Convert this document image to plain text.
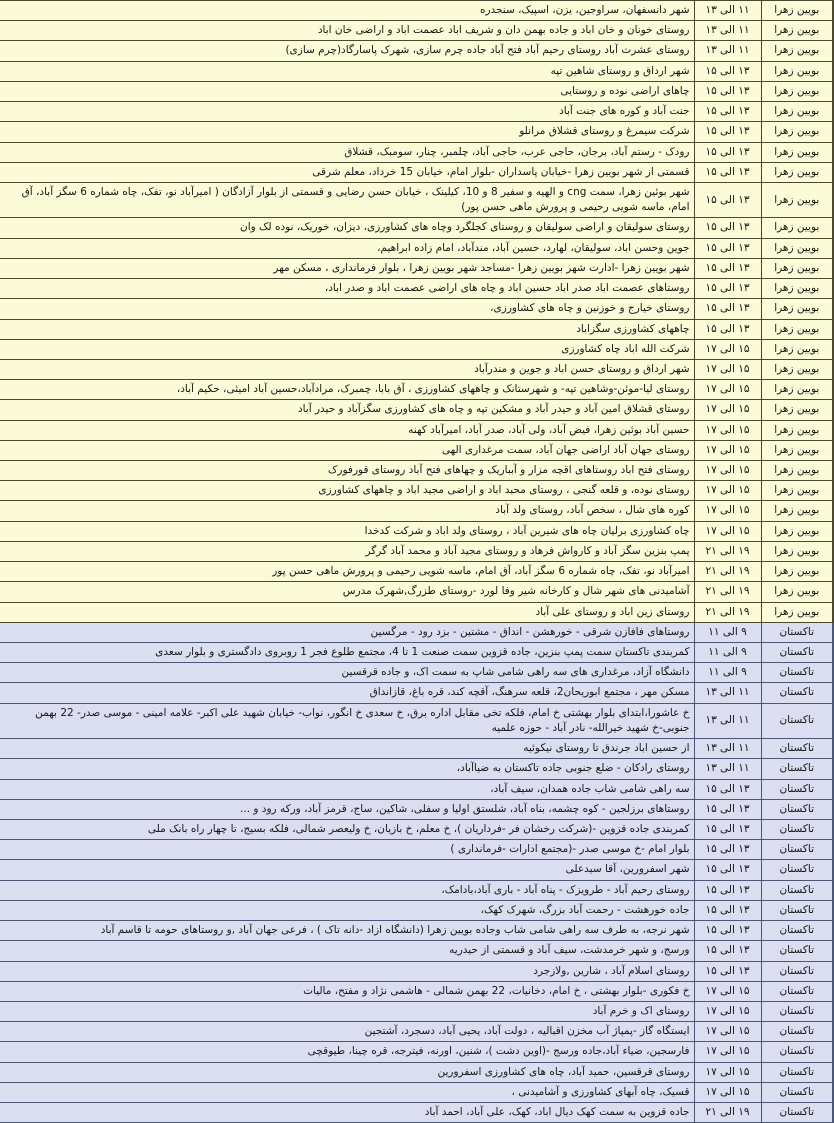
بویین زهرا	۱۱ الی ۱۳	شهر دانسفهان، سراوجین، یزن، اسپیک، سنجدره
بویین زهرا	۱۱ الی ۱۳	روستای خونان و خان اباد و جاده بهمن دان و شریف اباد عصمت اباد و اراضی خان اباد
بویین زهرا	۱۱ الی ۱۳	روستای عشرت آباد روستای رحیم آباد فتح آباد جاده چرم سازی، شهرک پاسارگاد(چرم سازی)
بویین زهرا	۱۳ الی ۱۵	شهر ارداق و روستای شاهین تپه
بویین زهرا	۱۳ الی ۱۵	چاهای اراضی نوده و روستایی
بویین زهرا	۱۳ الی ۱۵	جنت آباد و کوره های جنت آباد
بویین زهرا	۱۳ الی ۱۵	شرکت سیمرغ و روستای قشلاق مرانلو
بویین زهرا	۱۳ الی ۱۵	رودک - رستم آباد، برجان، حاجی عرب، حاجی آباد، چلمبر، چنار، سومبک، قشلاق
بویین زهرا	۱۳ الی ۱۵	قسمتی از شهر بویین زهرا -خیابان پاسداران -بلوار امام، خیابان 15 خرداد، معلم شرقی
بویین زهرا	۱۳ الی ۱۵	شهر بوئین زهرا، سمت cng و الهیه و سفیر 8 و 10، کیلینک ، خیابان حسن رضایی و قسمتی از بلوار آزادگان ( امیرآباد نو، تفک، چاه شماره 6 سگز آباد، آق امام، ماسه شویی رحیمی و پرورش ماهی حسن پور)
بویین زهرا	۱۳ الی ۱۵	روستای سولیقان و اراضی سولیقان و روستای کجلگرد وچاه های کشاورزی، دیزان، خوریک، نوده لک وان
بویین زهرا	۱۳ الی ۱۵	جوین وحسن اباد، سولیقان، لهارد، حسین آباد، مندآباد، امام زاده ابراهیم،
بویین زهرا	۱۳ الی ۱۵	شهر بویین زهرا -ادارت شهر بویین زهرا -مساجد شهر بویین زهرا ، بلوار فرمانداری ، مسکن مهر
بویین زهرا	۱۳ الی ۱۵	روستاهای عصمت اباد صدر اباد حسین اباد و چاه های اراضی عصمت اباد و صدر اباد،
بویین زهرا	۱۳ الی ۱۵	روستای خیارج و خوزنین و چاه های کشاورزی،
بویین زهرا	۱۳ الی ۱۵	چاههای کشاورزی سگزاباد
بویین زهرا	۱۵ الی ۱۷	شرکت الله اباد چاه کشاورزی
بویین زهرا	۱۵ الی ۱۷	شهر ارداق و روستای حسن اباد و جوین و مندرآباد
بویین زهرا	۱۵ الی ۱۷	روستای لیا-موئن-وشاهین تپه- و شهرستانک و چاههای کشاورزی ، آق بابا، چمبرک، مرادآباد،حسین آباد امیئی، حکیم آباد،
بویین زهرا	۱۵ الی ۱۷	روستای قشلاق امین آباد و حیدر آباد و مشکین تپه و چاه های کشاورزی سگزآباد و حیدر آباد
بویین زهرا	۱۵ الی ۱۷	حسین آباد بوئین زهرا، فیض آباد، ولی آباد، صدر آباد، امیرآباد کهنه
بویین زهرا	۱۵ الی ۱۷	روستای جهان آباد اراضی جهان آباد، سمت مرغداری الهی
بویین زهرا	۱۵ الی ۱۷	روستای فتح اباد روستاهای اقچه مزار و آبباریک و چهاهای فتح آباد روستای قورفورک
بویین زهرا	۱۵ الی ۱۷	روستای نوده، و قلعه گنجی ، روستای محبد اباد و اراضی مجید اباد و چاههای کشاورزی
بویین زهرا	۱۵ الی ۱۷	کوره های شال ، سخص آباد، روستای ولد آباد
بویین زهرا	۱۵ الی ۱۷	چاه کشاورزی برلیان چاه های شیرین آباد ، روستای ولد اباد و شرکت کدخدا
بویین زهرا	۱۹ الی ۲۱	پمپ بنزین سگز آباد و کارواش فرهاد و روستای مجید آباد و محمد آباد گرگر
بویین زهرا	۱۹ الی ۲۱	امیرآباد نو، تفک، چاه شماره 6 سگز آباد، آق امام، ماسه شویی رحیمی و پرورش ماهی حسن پور
بویین زهرا	۱۹ الی ۲۱	آشامیدنی های شهر شال و کارخانه شیر وفا لورد -روستای طزرگ,شهرک مدرس
بویین زهرا	۱۹ الی ۲۱	روستای زین اباد و روستای علی آباد
تاکستان	۹ الی ۱۱	روستاهای فافازن شرقی - خورهشن - انداق - مشتین - بزد رود - مرگسین
تاکستان	۹ الی ۱۱	کمربندی تاکستان سمت پمپ بنزین، جاده قزوین سمت صنعت 1 تا 4، مجتمع طلوع فجر 1 روبروی دادگستری و بلوار سعدی
تاکستان	۹ الی ۱۱	دانشگاه آزاد، مرغداری های سه راهی شامی شاپ به سمت اک، و جاده قرقسین
تاکستان	۱۱ الی ۱۳	مسکن مهر ، مجتمع ابوریحان2، قلعه سرهنگ، آقچه کند، قره باغ، قازانداق
تاکستان	۱۱ الی ۱۳	خ عاشورا،ابتدای بلوار بهشتی خ امام، فلکه تخی مقابل اداره برق، خ سعدی خ انگور، نواب- خیابان شهید علی اکبر- علامه امینی - موسی صدر- 22 بهمن جنوبی-خ شهید خیرالله- نادر آباد - حوزه علمیه
تاکستان	۱۱ الی ۱۳	از حسین اباد جرندق تا روستای نیکوئیه
تاکستان	۱۱ الی ۱۳	روستای رادکان - ضلع جنوبی جاده تاکستان به ضیاآباد،
تاکستان	۱۳ الی ۱۵	سه راهی شامی شاب جاده همدان، سیف آباد،
تاکستان	۱۳ الی ۱۵	روستاهای برزلجین - کوه چشمه، بناه آباد، شلستق اولیا و سفلی، شاکین، ساج، قرمز آباد، ورکه رود و ...
تاکستان	۱۳ الی ۱۵	کمربندی جاده قزوین -(شرکت رخشان فر -فرداریان )، خ معلم، خ بازیان، خ ولیعصر شمالی، فلکه بسیج، تا چهار راه بانک ملی
تاکستان	۱۳ الی ۱۵	بلوار امام -خ موسی صدر -(مجتمع ادارات -فرمانداری )
تاکستان	۱۳ الی ۱۵	شهر اسفرورین، آقا سیدعلی
تاکستان	۱۳ الی ۱۵	روستای رحیم آباد - طرویزک - پناه آباد - باری آباد،بادامک،
تاکستان	۱۳ الی ۱۵	جاده خورهشت - رحمت آباد بزرگ، شهرک کهک،
تاکستان	۱۳ الی ۱۵	شهر نرجه، به طرف سه راهی شامی شاب وجاده بویین زهرا (دانشگاه ازاد -دانه تاک ) ، فرعی جهان آباد ,و روستاهای حومه تا قاسم آباد
تاکستان	۱۳ الی ۱۵	ورسج، و شهر خرمدشت، سیف آباد و قسمتی از حیدریه
تاکستان	۱۳ الی ۱۵	روستای اسلام آباد ، شارین ,ولازجرد
تاکستان	۱۵ الی ۱۷	خ فکوری -بلوار بهشتی ، خ امام، دخانیات، 22 بهمن شمالی - هاشمی نژاد و مفتح، مالیات
تاکستان	۱۵ الی ۱۷	روستای اک و خرم آباد
تاکستان	۱۵ الی ۱۷	ایستگاه گاز -پمپاژ آب مخزن اقبالیه ، دولت آباد، یحیی آباد، دسجرد، آشتجین
تاکستان	۱۵ الی ۱۷	فارسجین، ضیاء آباد،جاده ورسج -(اوین دشت )، شنین، اورنه، فیترجه، قره چینا، طیوقچی
تاکستان	۱۵ الی ۱۷	روستای قرقسین، حمید آباد، چاه های کشاورزی اسفرورین
تاکستان	۱۵ الی ۱۷	قسیک، چاه آبهای کشاورزی و آشامیدنی ،
تاکستان	۱۹ الی ۲۱	جاده قزوین به سمت کهک دیال اباد، کهک، علی آباد، احمد آباد
